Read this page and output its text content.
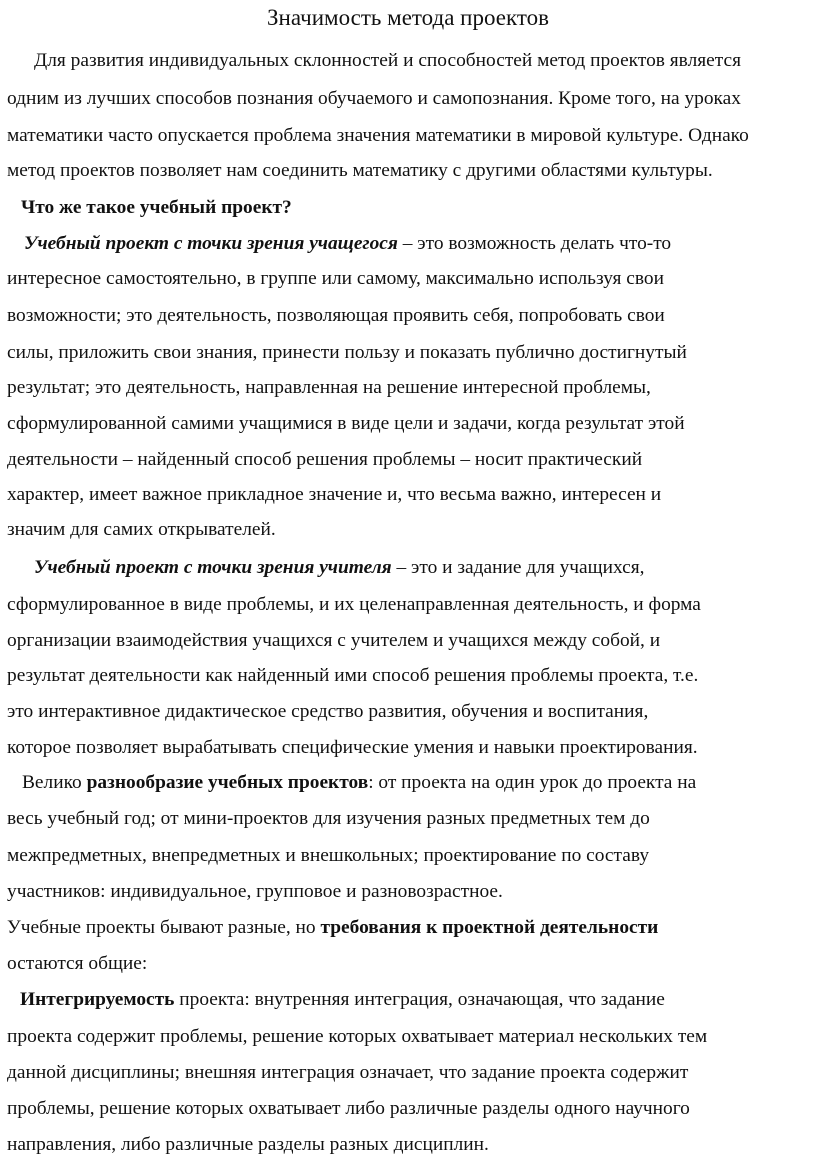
Значимость метода проектов
Для развития индивидуальных склонностей и способностей метод проектов является
одним из лучших способов познания обучаемого и самопознания. Кроме того, на уроках
математики часто опускается проблема значения математики в мировой культуре. Однако
метод проектов позволяет нам соединить математику с другими областями культуры.
Что же такое учебный проект?
Учебный проект с точки зрения учащегося – это возможность делать что-то
интересное самостоятельно, в группе или самому, максимально используя свои
возможности; это деятельность, позволяющая проявить себя, попробовать свои
силы, приложить свои знания, принести пользу и показать публично достигнутый
результат; это деятельность, направленная на решение интересной проблемы,
сформулированной самими учащимися в виде цели и задачи, когда результат этой
деятельности – найденный способ решения проблемы – носит практический
характер, имеет важное прикладное значение и, что весьма важно, интересен и
значим для самих открывателей.
Учебный проект с точки зрения учителя – это и задание для учащихся,
сформулированное в виде проблемы, и их целенаправленная деятельность, и форма
организации взаимодействия учащихся с учителем и учащихся между собой, и
результат деятельности как найденный ими способ решения проблемы проекта, т.е.
это интерактивное дидактическое средство развития, обучения и воспитания,
которое позволяет вырабатывать специфические умения и навыки проектирования.
Велико разнообразие учебных проектов: от проекта на один урок до проекта на
весь учебный год; от мини-проектов для изучения разных предметных тем до
межпредметных, внепредметных и внешкольных; проектирование по составу
участников: индивидуальное, групповое и разновозрастное.
Учебные проекты бывают разные, но требования к проектной деятельности
остаются общие:
Интегрируемость проекта: внутренняя интеграция, означающая, что задание
проекта содержит проблемы, решение которых охватывает материал нескольких тем
данной дисциплины; внешняя интеграция означает, что задание проекта содержит
проблемы, решение которых охватывает либо различные разделы одного научного
направления, либо различные разделы разных дисциплин.
